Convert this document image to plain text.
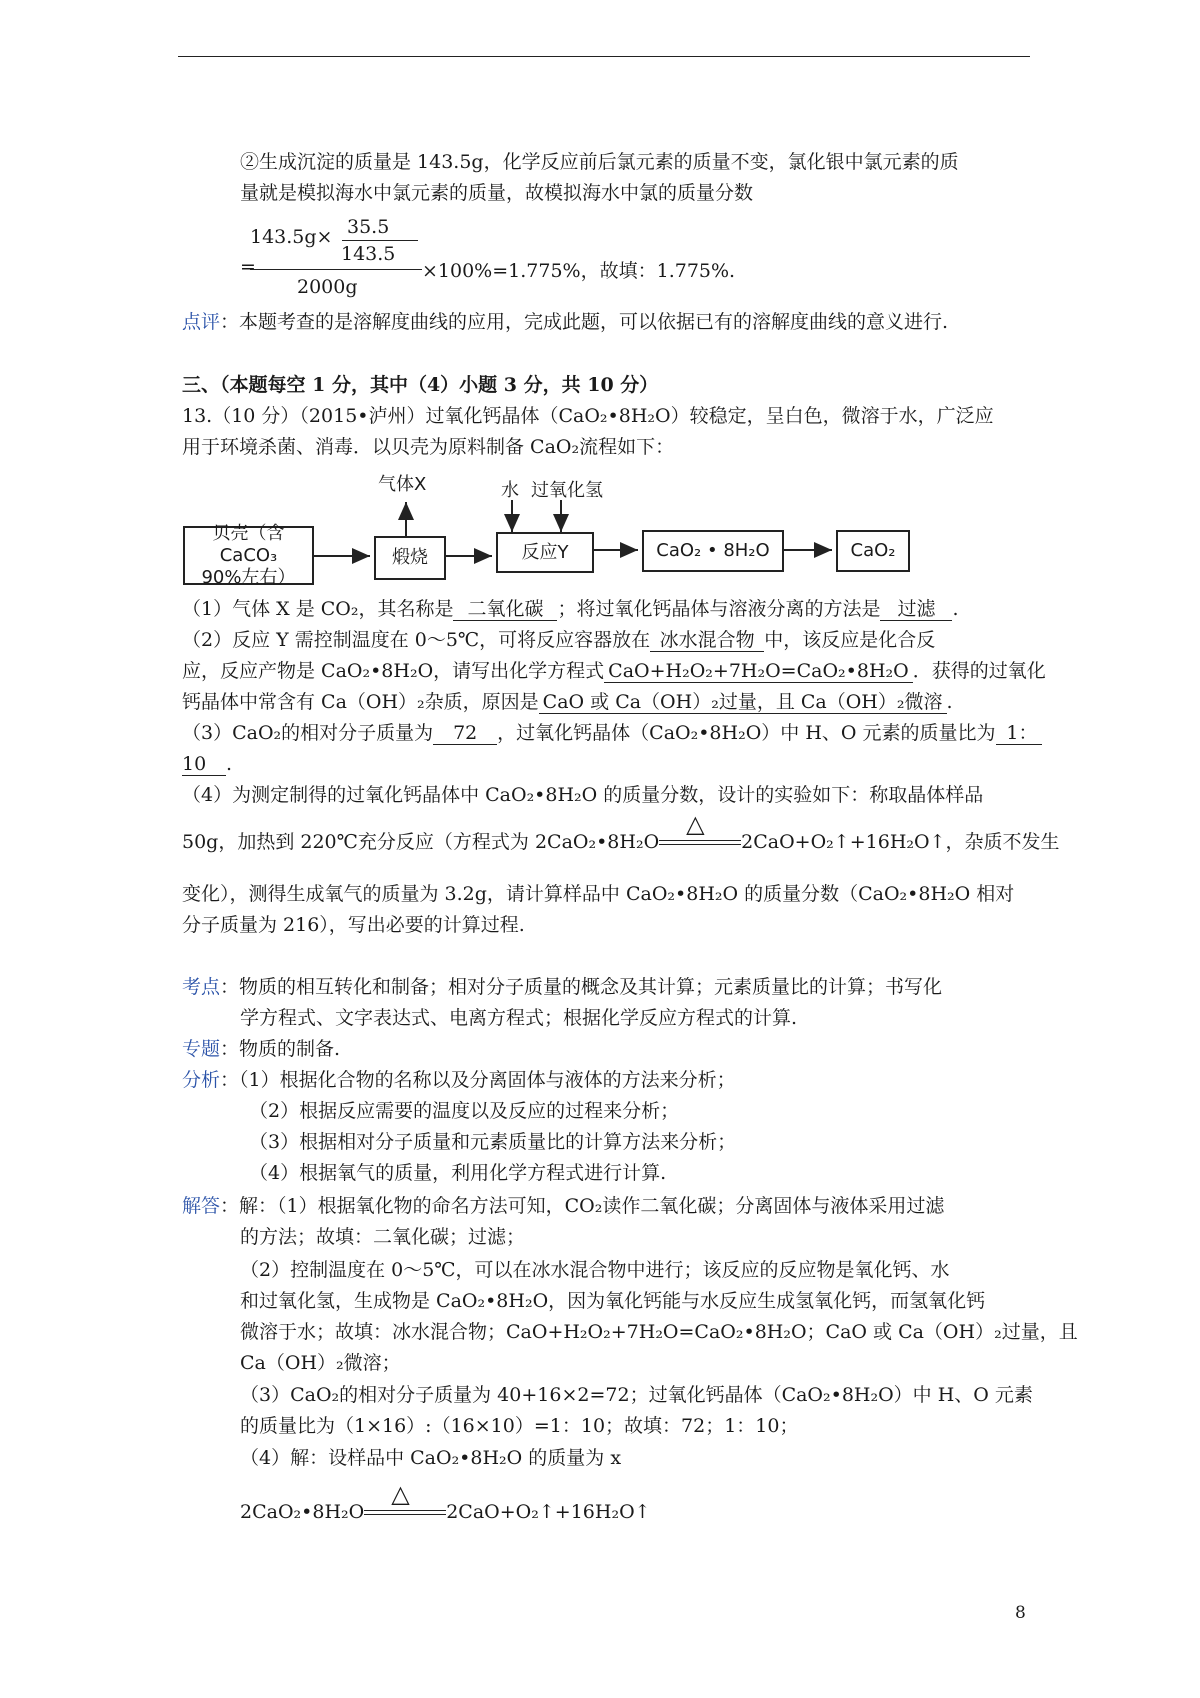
②生成沉淀的质量是 143.5g，化学反应前后氯元素的质量不变，氯化银中氯元素的质
量就是模拟海水中氯元素的质量，故模拟海水中氯的质量分数
143.5g× 35.5
143.5
=
2000g
×100%=1.775%，故填：1.775%.
点评：本题考查的是溶解度曲线的应用，完成此题，可以依据已有的溶解度曲线的意义进行.
三、（本题每空 1 分，其中（4）小题 3 分，共 10 分）
13.（10 分）（2015•泸州）过氧化钙晶体（CaO₂•8H₂O）较稳定，呈白色，微溶于水，广泛应
用于环境杀菌、消毒．以贝壳为原料制备 CaO₂流程如下：
贝壳（含CaCO₃
90%左右）
煅烧	反应Y	CaO₂ • 8H₂O	CaO₂
气体X	水 过氧化氢
（1）气体 X 是 CO₂，其名称是 二氧化碳 ；将过氧化钙晶体与溶液分离的方法是 过滤 .
（2）反应 Y 需控制温度在 0～5℃，可将反应容器放在 冰水混合物 中，该反应是化合反
应，反应产物是 CaO₂•8H₂O，请写出化学方程式 CaO+H₂O₂+7H₂O=CaO₂•8H₂O ．获得的过氧化
钙晶体中常含有 Ca（OH）₂杂质，原因是 CaO 或 Ca（OH）₂过量，且 Ca（OH）₂微溶 .
（3）CaO₂的相对分子质量为 72 ，过氧化钙晶体（CaO₂•8H₂O）中 H、O 元素的质量比为 1：
10 .
（4）为测定制得的过氧化钙晶体中 CaO₂•8H₂O 的质量分数，设计的实验如下：称取晶体样品
50g，加热到 220℃充分反应（方程式为 2CaO₂•8H₂O
△
2CaO+O₂↑+16H₂O↑，杂质不发生
变化），测得生成氧气的质量为 3.2g，请计算样品中 CaO₂•8H₂O 的质量分数（CaO₂•8H₂O 相对
分子质量为 216），写出必要的计算过程.
考点：物质的相互转化和制备；相对分子质量的概念及其计算；元素质量比的计算；书写化
学方程式、文字表达式、电离方程式；根据化学反应方程式的计算.
专题：物质的制备.
分析：（1）根据化合物的名称以及分离固体与液体的方法来分析；
（2）根据反应需要的温度以及反应的过程来分析；
（3）根据相对分子质量和元素质量比的计算方法来分析；
（4）根据氧气的质量，利用化学方程式进行计算.
解答：解：（1）根据氧化物的命名方法可知，CO₂读作二氧化碳；分离固体与液体采用过滤
的方法；故填：二氧化碳；过滤；
（2）控制温度在 0～5℃，可以在冰水混合物中进行；该反应的反应物是氧化钙、水
和过氧化氢，生成物是 CaO₂•8H₂O，因为氧化钙能与水反应生成氢氧化钙，而氢氧化钙
微溶于水；故填：冰水混合物；CaO+H₂O₂+7H₂O=CaO₂•8H₂O；CaO 或 Ca（OH）₂过量，且
Ca（OH）₂微溶；
（3）CaO₂的相对分子质量为 40+16×2=72；过氧化钙晶体（CaO₂•8H₂O）中 H、O 元素
的质量比为（1×16）:（16×10）=1：10；故填：72；1：10；
（4）解：设样品中 CaO₂•8H₂O 的质量为 x
2CaO₂•8H₂O
△
2CaO+O₂↑+16H₂O↑
8
